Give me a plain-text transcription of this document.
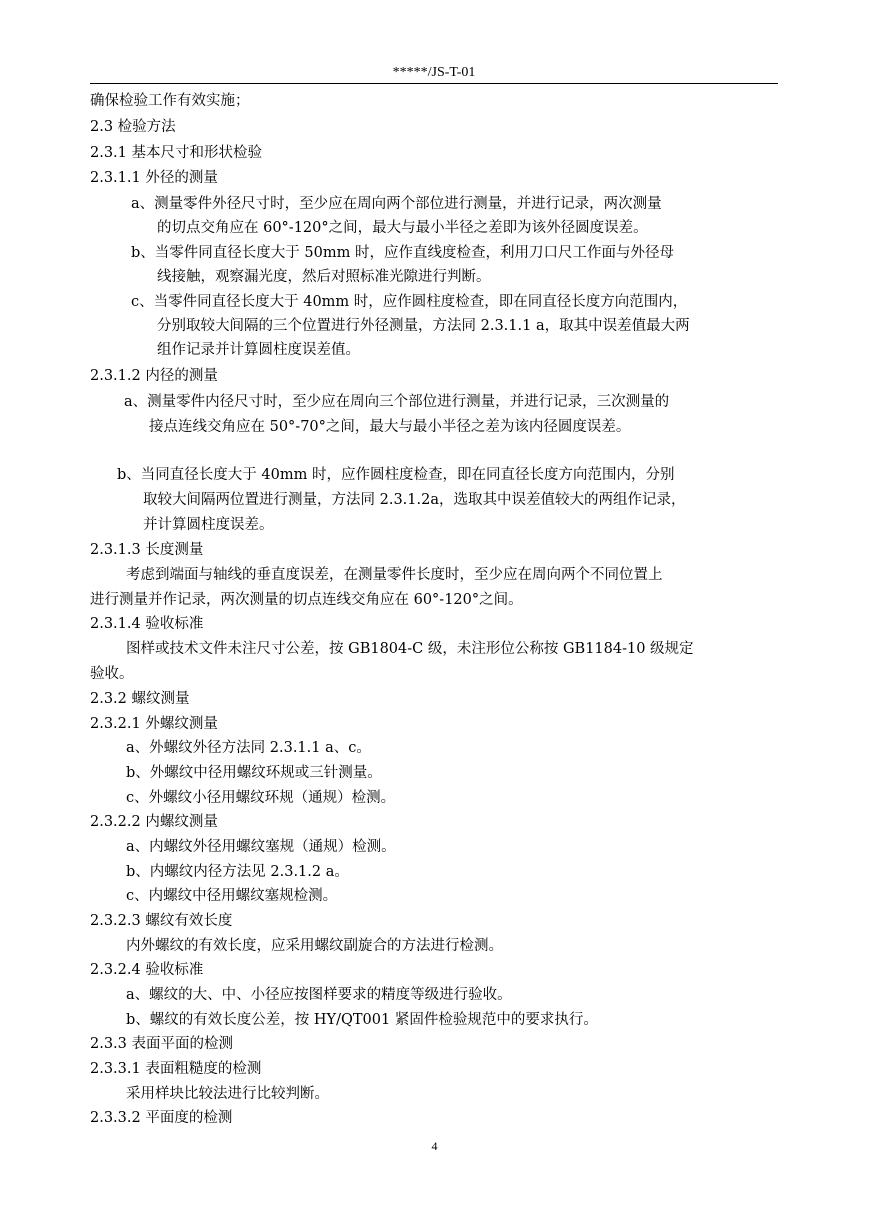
*****/JS-T-01
确保检验工作有效实施；
2.3 检验方法
2.3.1 基本尺寸和形状检验
2.3.1.1 外径的测量
a、测量零件外径尺寸时，至少应在周向两个部位进行测量，并进行记录，两次测量
的切点交角应在 60°-120°之间，最大与最小半径之差即为该外径圆度误差。
b、当零件同直径长度大于 50mm 时，应作直线度检查，利用刀口尺工作面与外径母
线接触，观察漏光度，然后对照标准光隙进行判断。
c、当零件同直径长度大于 40mm 时，应作圆柱度检查，即在同直径长度方向范围内，
分别取较大间隔的三个位置进行外径测量，方法同 2.3.1.1 a，取其中误差值最大两
组作记录并计算圆柱度误差值。
2.3.1.2 内径的测量
a、测量零件内径尺寸时，至少应在周向三个部位进行测量，并进行记录，三次测量的
接点连线交角应在 50°-70°之间，最大与最小半径之差为该内径圆度误差。
b、当同直径长度大于 40mm 时，应作圆柱度检查，即在同直径长度方向范围内，分别
取较大间隔两位置进行测量，方法同 2.3.1.2a，选取其中误差值较大的两组作记录，
并计算圆柱度误差。
2.3.1.3 长度测量
考虑到端面与轴线的垂直度误差，在测量零件长度时，至少应在周向两个不同位置上
进行测量并作记录，两次测量的切点连线交角应在 60°-120°之间。
2.3.1.4 验收标准
图样或技术文件未注尺寸公差，按 GB1804-C 级，未注形位公称按 GB1184-10 级规定
验收。
2.3.2 螺纹测量
2.3.2.1 外螺纹测量
a、外螺纹外径方法同 2.3.1.1 a、c。
b、外螺纹中径用螺纹环规或三针测量。
c、外螺纹小径用螺纹环规（通规）检测。
2.3.2.2 内螺纹测量
a、内螺纹外径用螺纹塞规（通规）检测。
b、内螺纹内径方法见 2.3.1.2 a。
c、内螺纹中径用螺纹塞规检测。
2.3.2.3 螺纹有效长度
内外螺纹的有效长度，应采用螺纹副旋合的方法进行检测。
2.3.2.4 验收标准
a、螺纹的大、中、小径应按图样要求的精度等级进行验收。
b、螺纹的有效长度公差，按 HY/QT001 紧固件检验规范中的要求执行。
2.3.3 表面平面的检测
2.3.3.1 表面粗糙度的检测
采用样块比较法进行比较判断。
2.3.3.2 平面度的检测
4
